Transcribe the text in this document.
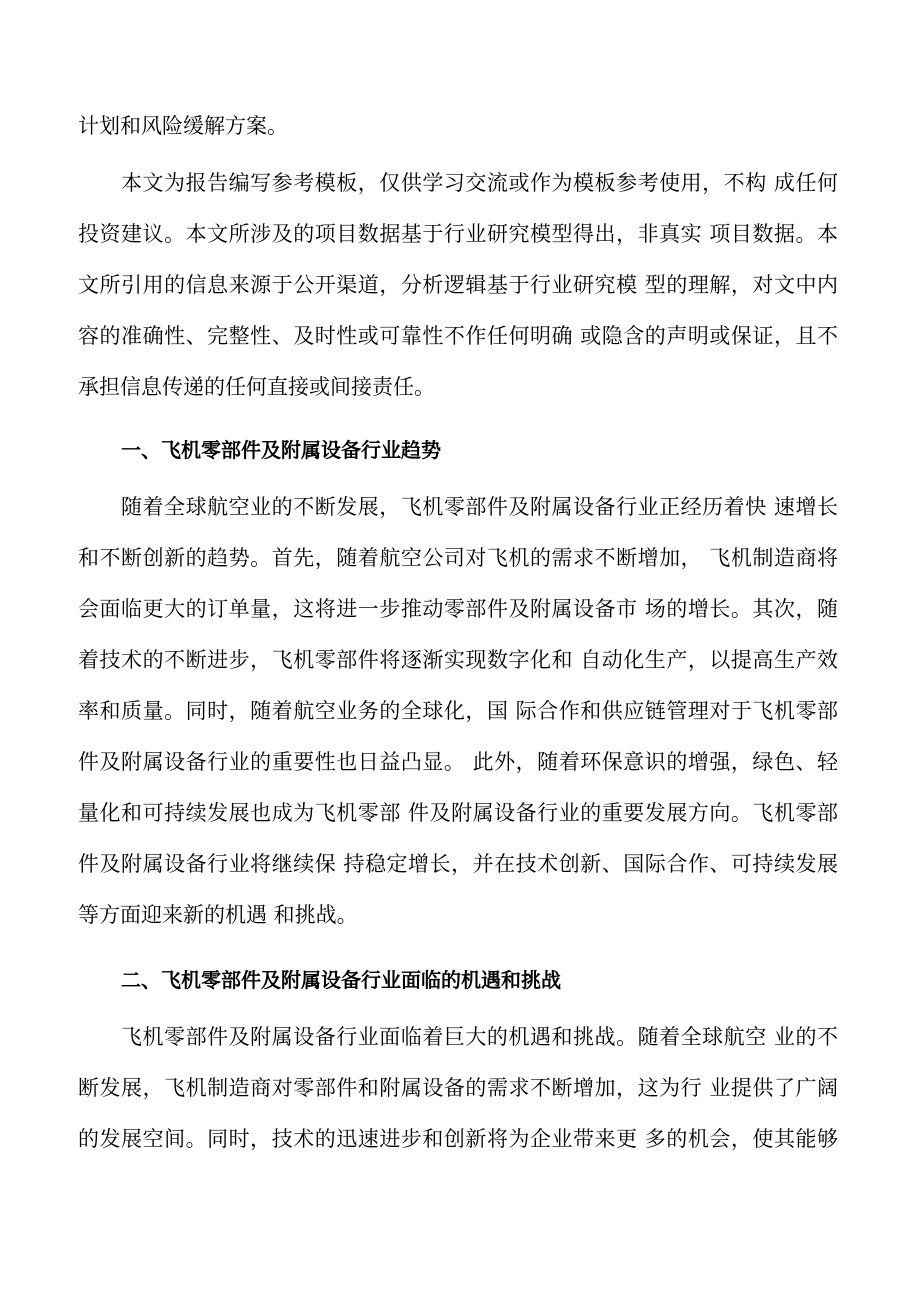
计划和风险缓解方案。
本文为报告编写参考模板，仅供学习交流或作为模板参考使用，不构 成任何
投资建议。本文所涉及的项目数据基于行业研究模型得出，非真实 项目数据。本
文所引用的信息来源于公开渠道，分析逻辑基于行业研究模 型的理解，对文中内
容的准确性、完整性、及时性或可靠性不作任何明确 或隐含的声明或保证，且不
承担信息传递的任何直接或间接责任。
一、飞机零部件及附属设备行业趋势
随着全球航空业的不断发展，飞机零部件及附属设备行业正经历着快 速增长
和不断创新的趋势。首先，随着航空公司对飞机的需求不断增加， 飞机制造商将
会面临更大的订单量，这将进一步推动零部件及附属设备市 场的增长。其次，随
着技术的不断进步，飞机零部件将逐渐实现数字化和 自动化生产，以提高生产效
率和质量。同时，随着航空业务的全球化，国 际合作和供应链管理对于飞机零部
件及附属设备行业的重要性也日益凸显。 此外，随着环保意识的增强，绿色、轻
量化和可持续发展也成为飞机零部 件及附属设备行业的重要发展方向。飞机零部
件及附属设备行业将继续保 持稳定增长，并在技术创新、国际合作、可持续发展
等方面迎来新的机遇 和挑战。
二、飞机零部件及附属设备行业面临的机遇和挑战
飞机零部件及附属设备行业面临着巨大的机遇和挑战。随着全球航空 业的不
断发展，飞机制造商对零部件和附属设备的需求不断增加，这为行 业提供了广阔
的发展空间。同时，技术的迅速进步和创新将为企业带来更 多的机会，使其能够
